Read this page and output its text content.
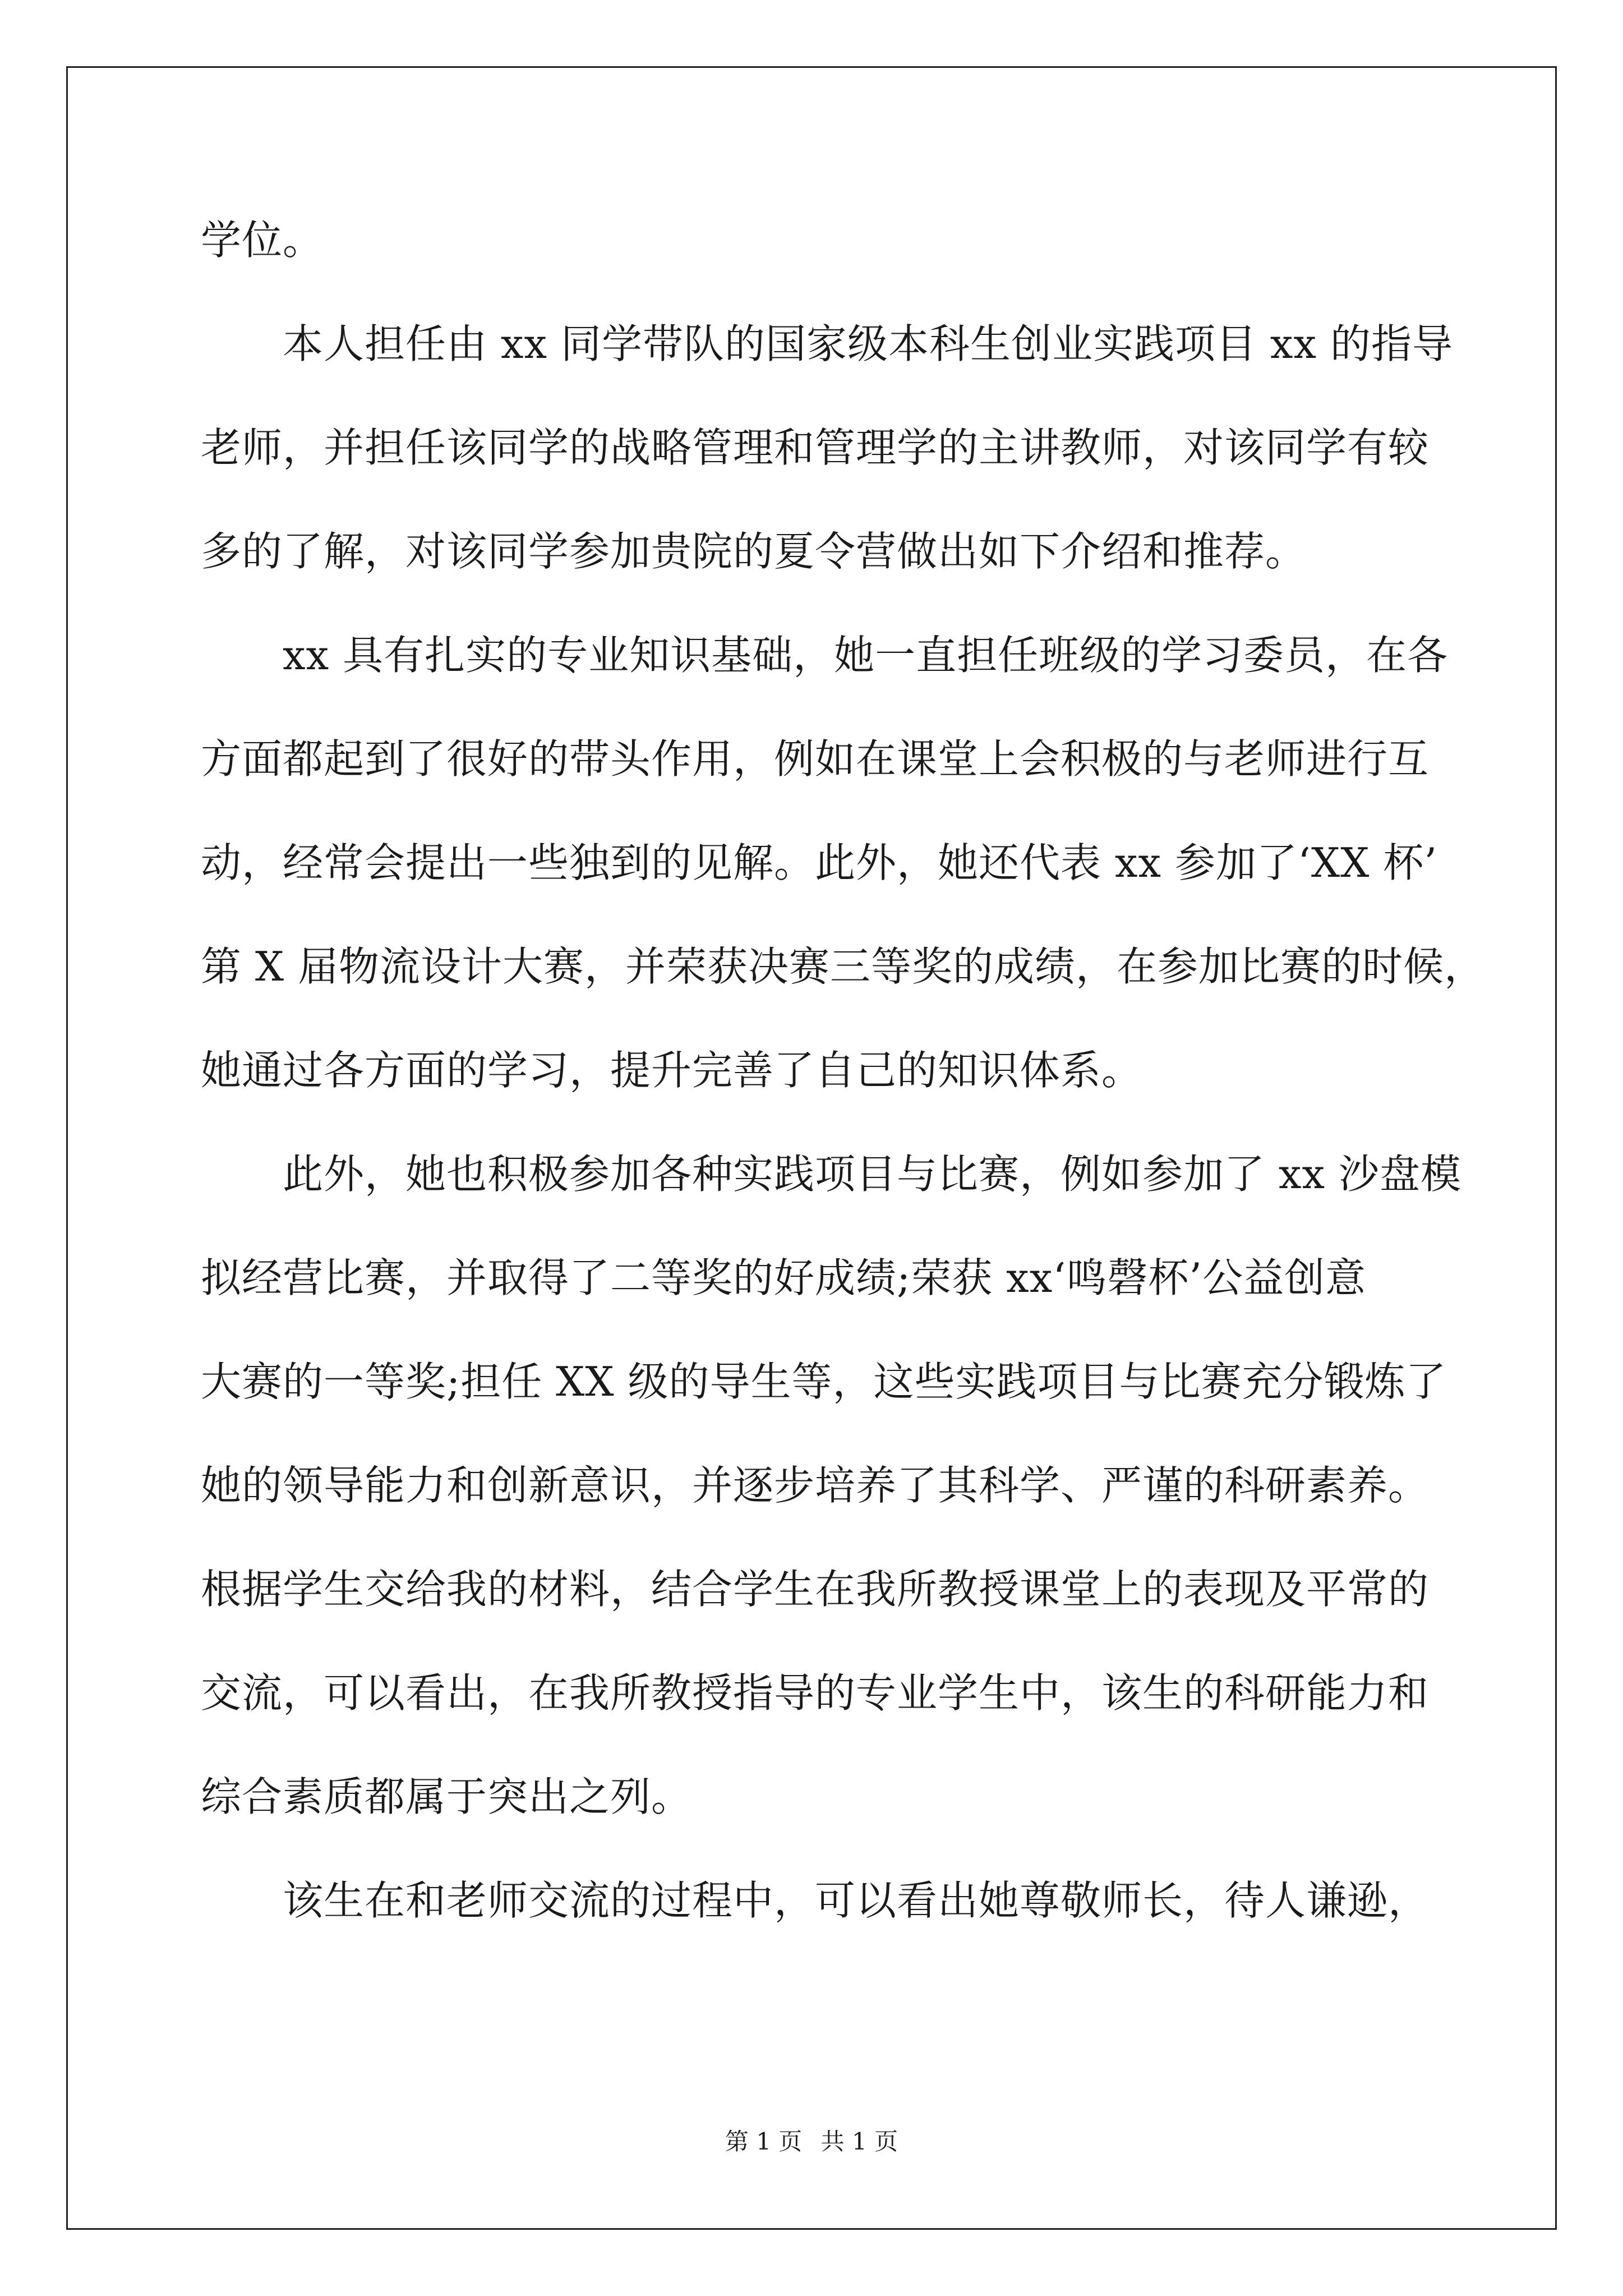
学位。
本人担任由 xx 同学带队的国家级本科生创业实践项目 xx 的指导
老师，并担任该同学的战略管理和管理学的主讲教师，对该同学有较
多的了解，对该同学参加贵院的夏令营做出如下介绍和推荐。
xx 具有扎实的专业知识基础，她一直担任班级的学习委员，在各
方面都起到了很好的带头作用，例如在课堂上会积极的与老师进行互
动，经常会提出一些独到的见解。此外，她还代表 xx 参加了‘XX 杯’
第 X 届物流设计大赛，并荣获决赛三等奖的成绩，在参加比赛的时候，
她通过各方面的学习，提升完善了自己的知识体系。
此外，她也积极参加各种实践项目与比赛，例如参加了 xx 沙盘模
拟经营比赛，并取得了二等奖的好成绩;荣获 xx‘鸣磬杯’公益创意
大赛的一等奖;担任 XX 级的导生等，这些实践项目与比赛充分锻炼了
她的领导能力和创新意识，并逐步培养了其科学、严谨的科研素养。
根据学生交给我的材料，结合学生在我所教授课堂上的表现及平常的
交流，可以看出，在我所教授指导的专业学生中，该生的科研能力和
综合素质都属于突出之列。
该生在和老师交流的过程中，可以看出她尊敬师长，待人谦逊，
第 1 页 共 1 页
